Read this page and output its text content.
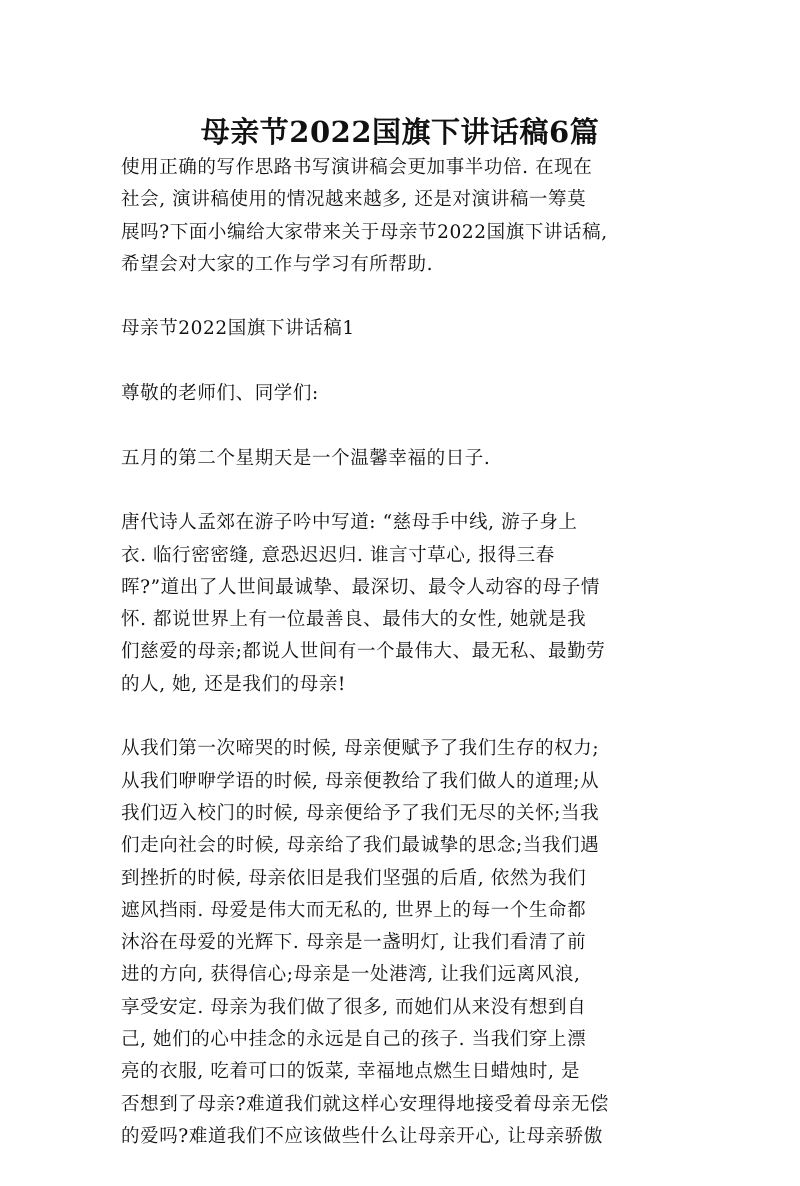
母亲节2022国旗下讲话稿6篇
使用正确的写作思路书写演讲稿会更加事半功倍. 在现在
社会, 演讲稿使用的情况越来越多, 还是对演讲稿一筹莫
展吗?下面小编给大家带来关于母亲节2022国旗下讲话稿,
希望会对大家的工作与学习有所帮助.
母亲节2022国旗下讲话稿1
尊敬的老师们、同学们:
五月的第二个星期天是一个温馨幸福的日子.
唐代诗人孟郊在游子吟中写道: “慈母手中线, 游子身上
衣. 临行密密缝, 意恐迟迟归. 谁言寸草心, 报得三春
晖?”道出了人世间最诚挚、最深切、最令人动容的母子情
怀. 都说世界上有一位最善良、最伟大的女性, 她就是我
们慈爱的母亲;都说人世间有一个最伟大、最无私、最勤劳
的人, 她, 还是我们的母亲!
从我们第一次啼哭的时候, 母亲便赋予了我们生存的权力;
从我们咿咿学语的时候, 母亲便教给了我们做人的道理;从
我们迈入校门的时候, 母亲便给予了我们无尽的关怀;当我
们走向社会的时候, 母亲给了我们最诚挚的思念;当我们遇
到挫折的时候, 母亲依旧是我们坚强的后盾, 依然为我们
遮风挡雨. 母爱是伟大而无私的, 世界上的每一个生命都
沐浴在母爱的光辉下. 母亲是一盏明灯, 让我们看清了前
进的方向, 获得信心;母亲是一处港湾, 让我们远离风浪,
享受安定. 母亲为我们做了很多, 而她们从来没有想到自
己, 她们的心中挂念的永远是自己的孩子. 当我们穿上漂
亮的衣服, 吃着可口的饭菜, 幸福地点燃生日蜡烛时, 是
否想到了母亲?难道我们就这样心安理得地接受着母亲无偿
的爱吗?难道我们不应该做些什么让母亲开心, 让母亲骄傲
